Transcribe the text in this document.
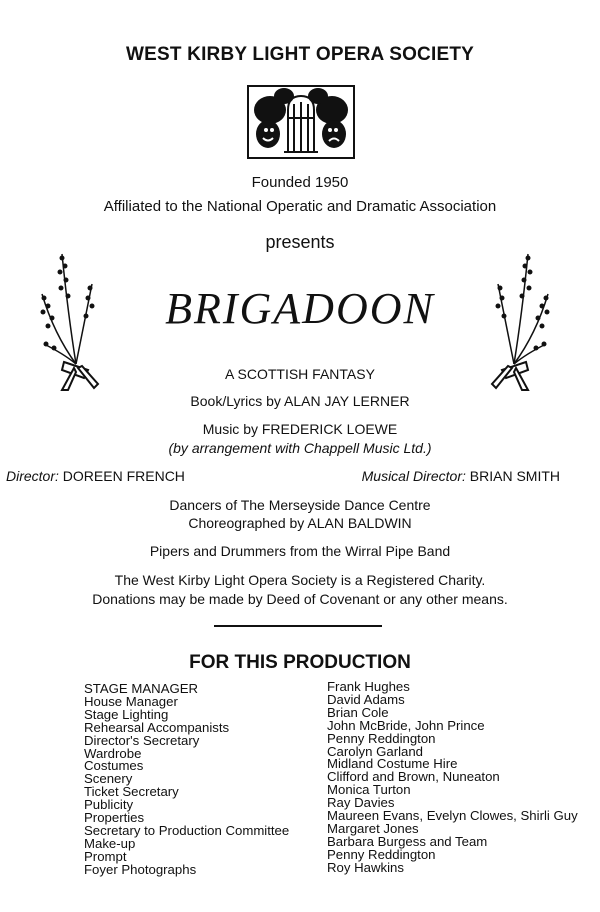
WEST KIRBY LIGHT OPERA SOCIETY
Founded 1950
Affiliated to the National Operatic and Dramatic Association
presents
BRIGADOON
A SCOTTISH FANTASY
Book/Lyrics by ALAN JAY LERNER
Music by FREDERICK LOEWE
(by arrangement with Chappell Music Ltd.)
Director: DOREEN FRENCH	Musical Director: BRIAN SMITH
Dancers of The Merseyside Dance Centre
Choreographed by ALAN BALDWIN
Pipers and Drummers from the Wirral Pipe Band
The West Kirby Light Opera Society is a Registered Charity.
Donations may be made by Deed of Covenant or any other means.
FOR THIS PRODUCTION
STAGE MANAGER
House Manager
Stage Lighting
Rehearsal Accompanists
Director's Secretary
Wardrobe
Costumes
Scenery
Ticket Secretary
Publicity
Properties
Secretary to Production Committee
Make-up
Prompt
Foyer Photographs
Frank Hughes
David Adams
Brian Cole
John McBride, John Prince
Penny Reddington
Carolyn Garland
Midland Costume Hire
Clifford and Brown, Nuneaton
Monica Turton
Ray Davies
Maureen Evans, Evelyn Clowes, Shirli Guy
Margaret Jones
Barbara Burgess and Team
Penny Reddington
Roy Hawkins
